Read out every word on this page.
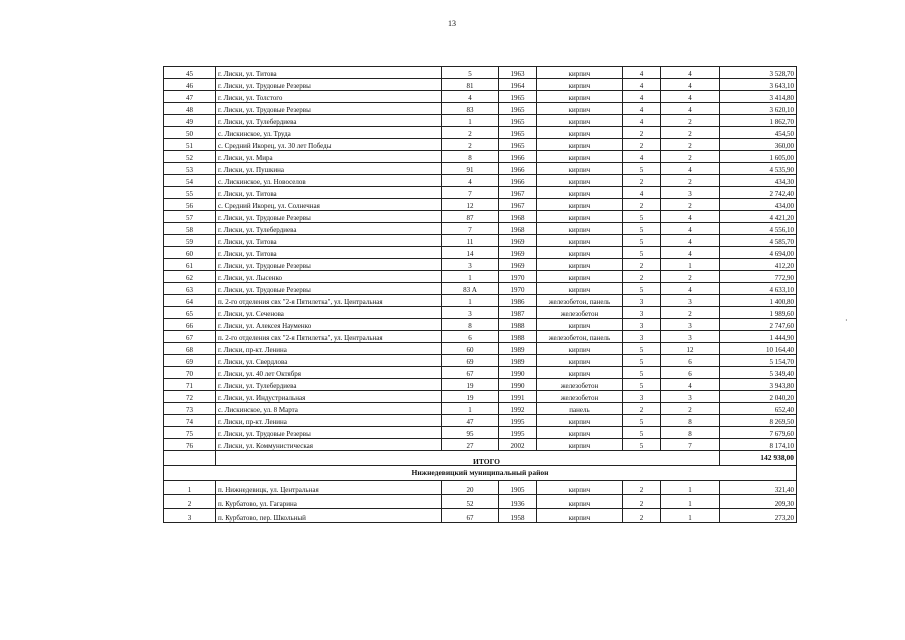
13
·
45	г. Лиски, ул. Титова	5	1963	кирпич	4	4	3 528,70
46	г. Лиски, ул. Трудовые Резервы	81	1964	кирпич	4	4	3 643,10
47	г. Лиски, ул. Толстого	4	1965	кирпич	4	4	3 414,80
48	г. Лиски, ул. Трудовые Резервы	83	1965	кирпич	4	4	3 620,10
49	г. Лиски, ул. Тулебердиева	1	1965	кирпич	4	2	1 862,70
50	с. Лискинское, ул. Труда	2	1965	кирпич	2	2	454,50
51	с. Средний Икорец, ул. 30 лет Победы	2	1965	кирпич	2	2	360,00
52	г. Лиски, ул. Мира	8	1966	кирпич	4	2	1 605,00
53	г. Лиски, ул. Пушкина	91	1966	кирпич	5	4	4 535,90
54	с. Лискинское, ул. Новоселов	4	1966	кирпич	2	2	434,30
55	г. Лиски, ул. Титова	7	1967	кирпич	4	3	2 742,40
56	с. Средний Икорец, ул. Солнечная	12	1967	кирпич	2	2	434,00
57	г. Лиски, ул. Трудовые Резервы	87	1968	кирпич	5	4	4 421,20
58	г. Лиски, ул. Тулебердиева	7	1968	кирпич	5	4	4 556,10
59	г. Лиски, ул. Титова	11	1969	кирпич	5	4	4 585,70
60	г. Лиски, ул. Титова	14	1969	кирпич	5	4	4 694,00
61	г. Лиски, ул. Трудовые Резервы	3	1969	кирпич	2	1	412,20
62	г. Лиски, ул. Лысенко	1	1970	кирпич	2	2	772,90
63	г. Лиски, ул. Трудовые Резервы	83 А	1970	кирпич	5	4	4 633,10
64	п. 2-го отделения свх "2-я Пятилетка", ул. Центральная	1	1986	железобетон, панель	3	3	1 400,80
65	г. Лиски, ул. Сеченова	3	1987	железобетон	3	2	1 989,60
66	г. Лиски, ул. Алексея Науменко	8	1988	кирпич	3	3	2 747,60
67	п. 2-го отделения свх "2-я Пятилетка", ул. Центральная	6	1988	железобетон, панель	3	3	1 444,90
68	г. Лиски, пр-кт. Ленина	60	1989	кирпич	5	12	10 164,40
69	г. Лиски, ул. Свердлова	69	1989	кирпич	5	6	5 154,70
70	г. Лиски, ул. 40 лет Октября	67	1990	кирпич	5	6	5 349,40
71	г. Лиски, ул. Тулебердиева	19	1990	железобетон	5	4	3 943,80
72	г. Лиски, ул. Индустриальная	19	1991	железобетон	3	3	2 040,20
73	с. Лискинское, ул. 8 Марта	1	1992	панель	2	2	652,40
74	г. Лиски, пр-кт. Ленина	47	1995	кирпич	5	8	8 269,50
75	г. Лиски, ул. Трудовые Резервы	95	1995	кирпич	5	8	7 679,60
76	г. Лиски, ул. Коммунистическая	27	2002	кирпич	5	7	8 174,10
	ИТОГО						142 938,00
Нижнедевицкий муниципальный район							
1	п. Нижнедевицк, ул. Центральная	20	1905	кирпич	2	1	321,40
2	п. Курбатово, ул. Гагарина	52	1936	кирпич	2	1	209,30
3	п. Курбатово, пер. Школьный	67	1958	кирпич	2	1	273,20
